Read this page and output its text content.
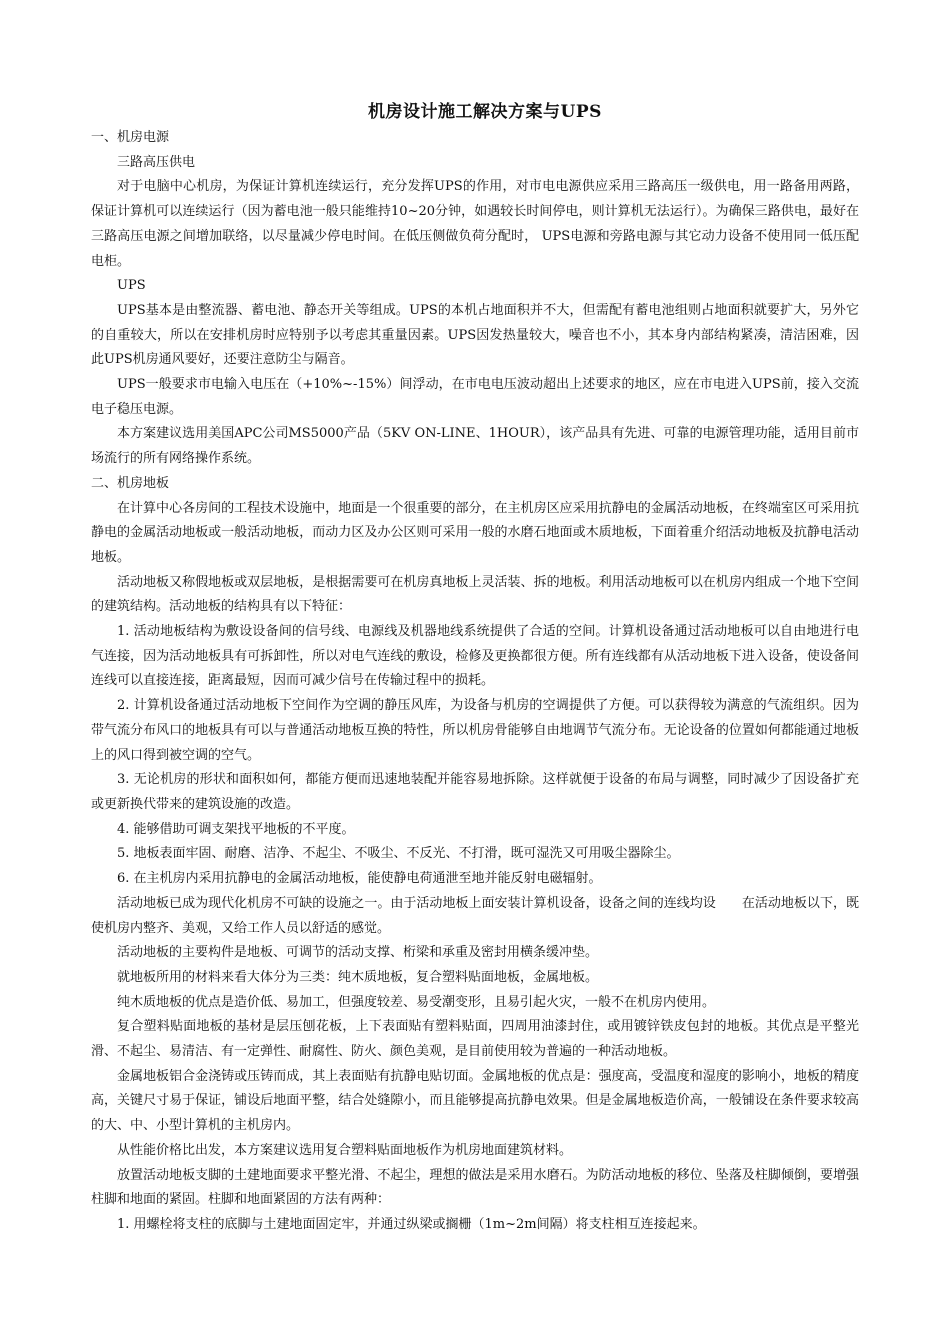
机房设计施工解决方案与UPS

一、机房电源

三路高压供电

对于电脑中心机房，为保证计算机连续运行，充分发挥UPS的作用，对市电电源供应采用三路高压一级供电，用一路备用两路，保证计算机可以连续运行（因为蓄电池一般只能维持10~20分钟，如遇较长时间停电，则计算机无法运行）。为确保三路供电，最好在三路高压电源之间增加联络，以尽量减少停电时间。在低压侧做负荷分配时， UPS电源和旁路电源与其它动力设备不使用同一低压配电柜。

UPS

UPS基本是由整流器、蓄电池、静态开关等组成。UPS的本机占地面积并不大，但需配有蓄电池组则占地面积就要扩大，另外它的自重较大，所以在安排机房时应特别予以考虑其重量因素。UPS因发热量较大，噪音也不小，其本身内部结构紧凑，清洁困难，因此UPS机房通风要好，还要注意防尘与隔音。

UPS一般要求市电输入电压在（+10%~-15%）间浮动，在市电电压波动超出上述要求的地区，应在市电进入UPS前，接入交流电子稳压电源。

本方案建议选用美国APC公司MS5000产品（5KV ON-LINE、1HOUR），该产品具有先进、可靠的电源管理功能，适用目前市场流行的所有网络操作系统。

二、机房地板

在计算中心各房间的工程技术设施中，地面是一个很重要的部分，在主机房区应采用抗静电的金属活动地板，在终端室区可采用抗静电的金属活动地板或一般活动地板，而动力区及办公区则可采用一般的水磨石地面或木质地板，下面着重介绍活动地板及抗静电活动地板。

活动地板又称假地板或双层地板，是根据需要可在机房真地板上灵活装、拆的地板。利用活动地板可以在机房内组成一个地下空间的建筑结构。活动地板的结构具有以下特征：

1. 活动地板结构为敷设设备间的信号线、电源线及机器地线系统提供了合适的空间。计算机设备通过活动地板可以自由地进行电气连接，因为活动地板具有可拆卸性，所以对电气连线的敷设，检修及更换都很方便。所有连线都有从活动地板下进入设备，使设备间连线可以直接连接，距离最短，因而可减少信号在传输过程中的损耗。

2. 计算机设备通过活动地板下空间作为空调的静压风库，为设备与机房的空调提供了方便。可以获得较为满意的气流组织。因为带气流分布风口的地板具有可以与普通活动地板互换的特性，所以机房骨能够自由地调节气流分布。无论设备的位置如何都能通过地板上的风口得到被空调的空气。

3. 无论机房的形状和面积如何，都能方便而迅速地装配并能容易地拆除。这样就便于设备的布局与调整，同时减少了因设备扩充或更新换代带来的建筑设施的改造。

4. 能够借助可调支架找平地板的不平度。

5. 地板表面牢固、耐磨、洁净、不起尘、不吸尘、不反光、不打滑，既可湿洗又可用吸尘器除尘。

6. 在主机房内采用抗静电的金属活动地板，能使静电荷通泄至地并能反射电磁辐射。

活动地板已成为现代化机房不可缺的设施之一。由于活动地板上面安装计算机设备，设备之间的连线均设　　在活动地板以下，既使机房内整齐、美观，又给工作人员以舒适的感觉。

活动地板的主要构件是地板、可调节的活动支撑、桁梁和承重及密封用横条缓冲垫。

就地板所用的材料来看大体分为三类：纯木质地板，复合塑料贴面地板，金属地板。

纯木质地板的优点是造价低、易加工，但强度较差、易受潮变形，且易引起火灾，一般不在机房内使用。

复合塑料贴面地板的基材是层压刨花板，上下表面贴有塑料贴面，四周用油漆封住，或用镀锌铁皮包封的地板。其优点是平整光滑、不起尘、易清洁、有一定弹性、耐腐性、防火、颜色美观，是目前使用较为普遍的一种活动地板。

金属地板铝合金浇铸或压铸而成，其上表面贴有抗静电贴切面。金属地板的优点是：强度高，受温度和湿度的影响小，地板的精度高，关键尺寸易于保证，铺设后地面平整，结合处缝隙小，而且能够提高抗静电效果。但是金属地板造价高，一般铺设在条件要求较高的大、中、小型计算机的主机房内。

从性能价格比出发，本方案建议选用复合塑料贴面地板作为机房地面建筑材料。

放置活动地板支脚的土建地面要求平整光滑、不起尘，理想的做法是采用水磨石。为防活动地板的移位、坠落及柱脚倾倒，要增强柱脚和地面的紧固。柱脚和地面紧固的方法有两种：

1. 用螺栓将支柱的底脚与土建地面固定牢，并通过纵梁或搁栅（1m~2m间隔）将支柱相互连接起来。
